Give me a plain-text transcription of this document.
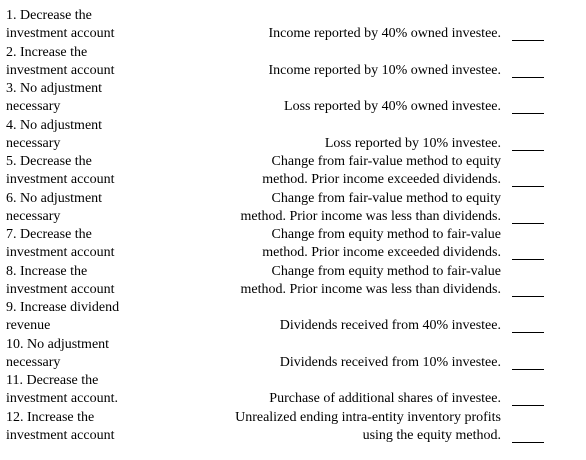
1. Decrease the
investment account
2. Increase the
investment account
3. No adjustment
necessary
4. No adjustment
necessary
5. Decrease the
investment account
6. No adjustment
necessary
7. Decrease the
investment account
8. Increase the
investment account
9. Increase dividend
revenue
10. No adjustment
necessary
11. Decrease the
investment account.
12. Increase the
investment account
Income reported by 40% owned investee.
Income reported by 10% owned investee.
Loss reported by 40% owned investee.
Loss reported by 10% investee.
Change from fair-value method to equity
method. Prior income exceeded dividends.
Change from fair-value method to equity
method. Prior income was less than dividends.
Change from equity method to fair-value
method. Prior income exceeded dividends.
Change from equity method to fair-value
method. Prior income was less than dividends.
Dividends received from 40% investee.
Dividends received from 10% investee.
Purchase of additional shares of investee.
Unrealized ending intra-entity inventory profits
using the equity method.
